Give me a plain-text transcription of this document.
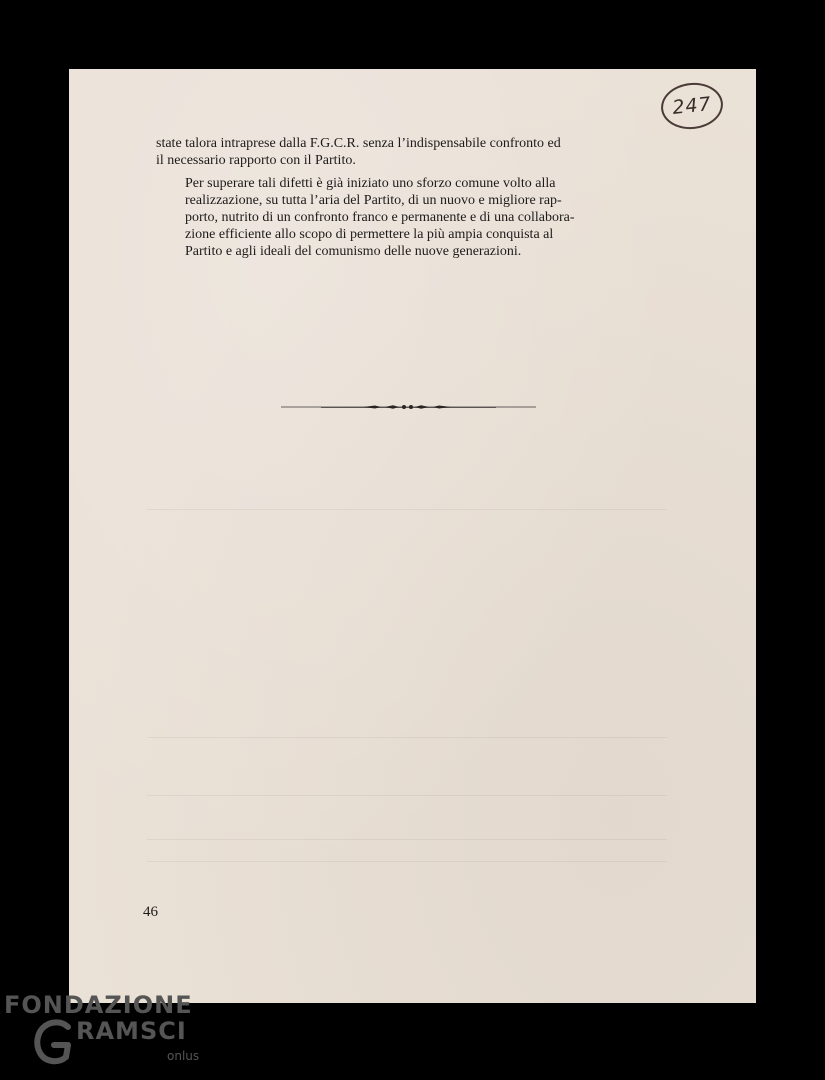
247

state talora intraprese dalla F.G.C.R. senza l’indispensabile confronto ed
il necessario rapporto con il Partito.

Per superare tali difetti è già iniziato uno sforzo comune volto alla
realizzazione, su tutta l’aria del Partito, di un nuovo e migliore rap-
porto, nutrito di un confronto franco e permanente e di una collabora-
zione efficiente allo scopo di permettere la più ampia conquista al
Partito e agli ideali del comunismo delle nuove generazioni.

46
FONDAZIONE
RAMSCI
onlus
